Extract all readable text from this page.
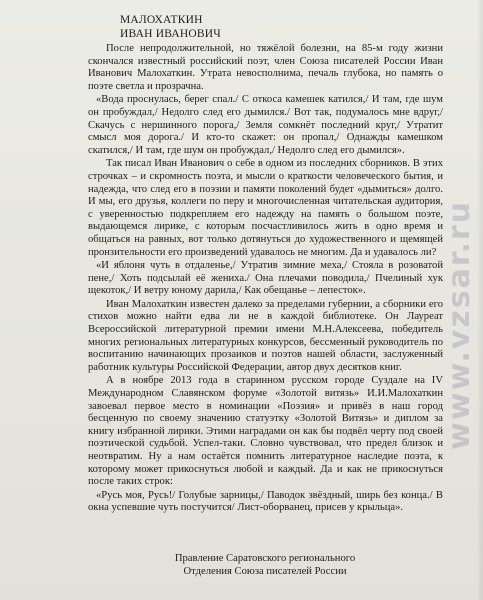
МАЛОХАТКИН
ИВАН ИВАНОВИЧ

После непродолжительной, но тяжёлой болезни, на 85-м году жизни скончался известный российский поэт, член Союза писателей России Иван Иванович Малохаткин. Утрата невосполнима, печаль глубока, но память о поэте светла и прозрачна.

«Вода проснулась, берег спал./ С откоса камешек катился,/ И там, где шум он пробуждал,/ Недолго след его дымился./ Вот так, подумалось мне вдруг,/ Скачусь с нершинного порога,/ Земля сомкнёт последний круг,/ Утратит смысл моя дорога./ И кто-то скажет: он пропал,/ Однажды камешком скатился,/ И там, где шум он пробуждал,/ Недолго след его дымился».

Так писал Иван Иванович о себе в одном из последних сборников. В этих строчках – и скромность поэта, и мысли о краткости человеческого бытия, и надежда, что след его в поэзии и памяти поколений будет «дымиться» долго. И мы, его друзья, коллеги по перу и многочисленная читательская аудитория, с уверенностью подкрепляем его надежду на память о большом поэте, выдающемся лирике, с которым посчастливилось жить в одно время и общаться на равных, вот только дотянуться до художественного и щемящей пронзительности его произведений удавалось не многим. Да и удавалось ли?

«И яблоня чуть в отдаленье,/ Утратив зимние меха,/ Стояла в розоватой пене,/ Хоть подсылай её жениха./ Она плечами поводила,/ Пчелиный хук щекоток,/ И ветру юному дарила,/ Как обещанье – лепесток».

Иван Малохаткин известен далеко за пределами губернии, а сборники его стихов можно найти едва ли не в каждой библиотеке. Он Лауреат Всероссийской литературной премии имени М.Н.Алексеева, победитель многих региональных литературных конкурсов, бессменный руководитель по воспитанию начинающих прозаиков и поэтов нашей области, заслуженный работник культуры Российской Федерации, автор двух десятков книг.

А в ноябре 2013 года в старинном русском городе Суздале на IV Международном Славянском форуме «Золотой витязь» И.И.Малохаткин завоевал первое место в номинации «Поэзия» и привёз в наш город бесценную по своему значению статуэтку «Золотой Витязь» и диплом за книгу избранной лирики. Этими наградами он как бы подвёл черту под своей поэтической судьбой. Успел-таки. Словно чувствовал, что предел близок и неотвратим. Ну а нам остаётся помнить литературное наследие поэта, к которому может прикоснуться любой и каждый. Да и как не прикоснуться после таких строк:

«Русь моя, Русь!/ Голубые зарницы,/ Паводок звёздный, ширь без конца./ В окна успевшие чуть постучится/ Лист-оборванец, присев у крыльца».

Правление Саратовского регионального
Отделения Союза писателей России
www.vzsar.ru
